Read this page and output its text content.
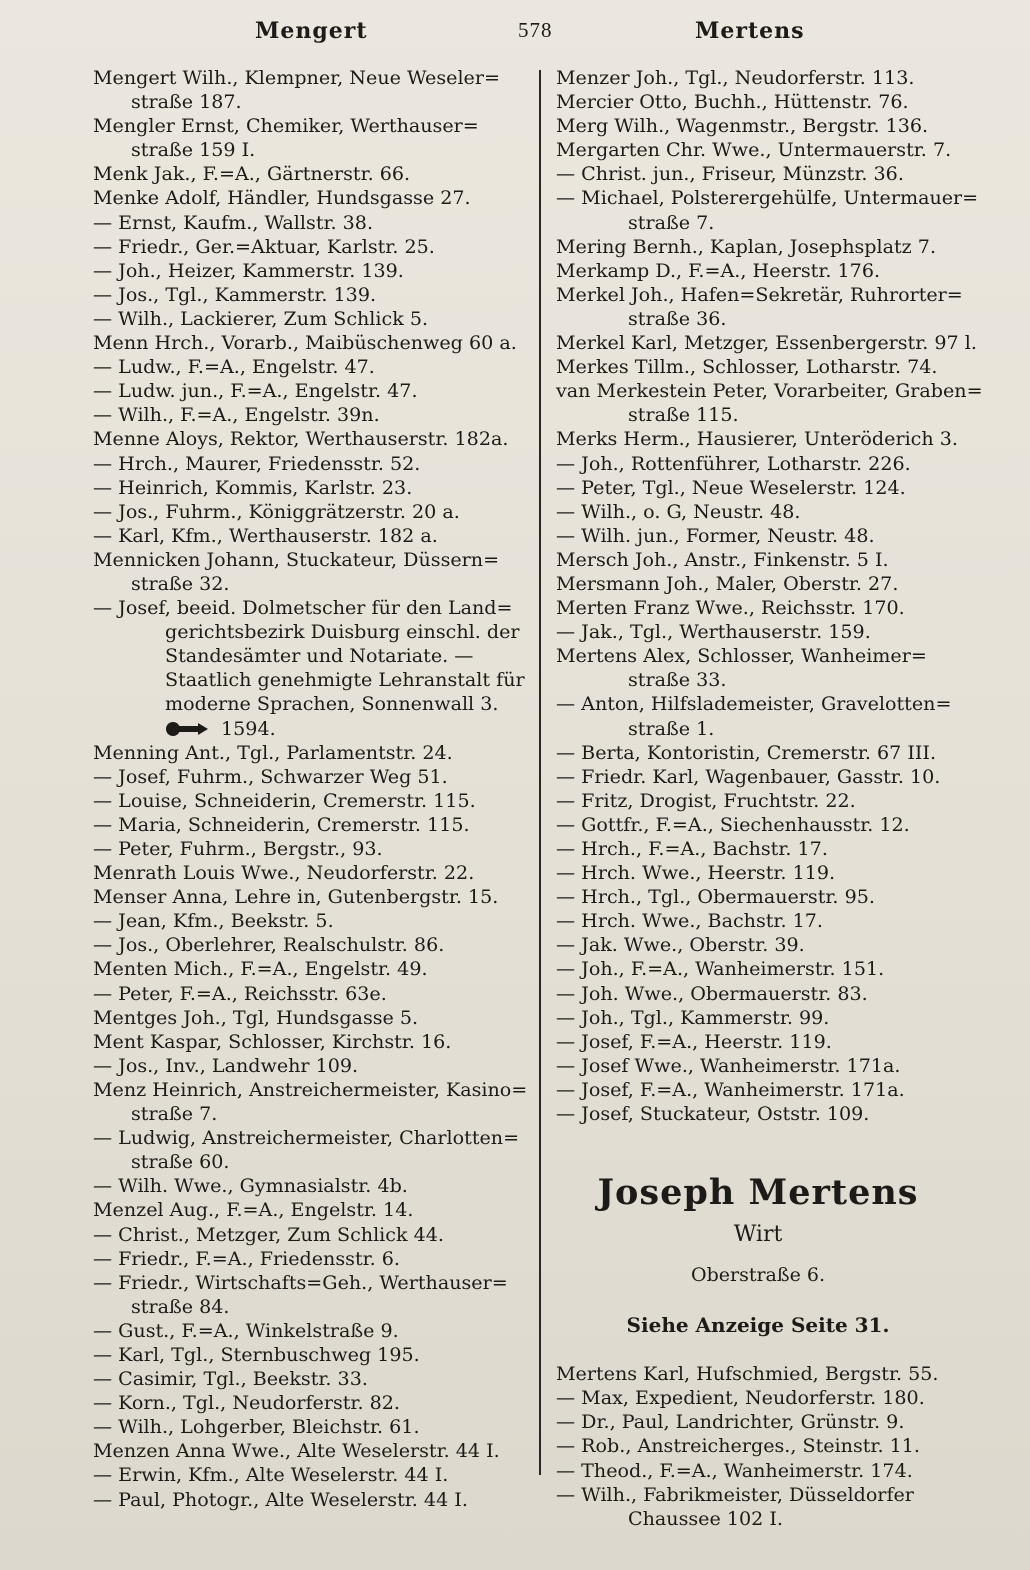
Mengert	578	Mertens
Mengert Wilh., Klempner, Neue Weseler=
straße 187.
Mengler Ernst, Chemiker, Werthauser=
straße 159 I.
Menk Jak., F.=A., Gärtnerstr. 66.
Menke Adolf, Händler, Hundsgasse 27.
— Ernst, Kaufm., Wallstr. 38.
— Friedr., Ger.=Aktuar, Karlstr. 25.
— Joh., Heizer, Kammerstr. 139.
— Jos., Tgl., Kammerstr. 139.
— Wilh., Lackierer, Zum Schlick 5.
Menn Hrch., Vorarb., Maibüschenweg 60 a.
— Ludw., F.=A., Engelstr. 47.
— Ludw. jun., F.=A., Engelstr. 47.
— Wilh., F.=A., Engelstr. 39n.
Menne Aloys, Rektor, Werthauserstr. 182a.
— Hrch., Maurer, Friedensstr. 52.
— Heinrich, Kommis, Karlstr. 23.
— Jos., Fuhrm., Königgrätzerstr. 20 a.
— Karl, Kfm., Werthauserstr. 182 a.
Mennicken Johann, Stuckateur, Düssern=
straße 32.
— Josef, beeid. Dolmetscher für den Land=
gerichtsbezirk Duisburg einschl. der
Standesämter und Notariate. —
Staatlich genehmigte Lehranstalt für
moderne Sprachen, Sonnenwall 3.
1594.
Menning Ant., Tgl., Parlamentstr. 24.
— Josef, Fuhrm., Schwarzer Weg 51.
— Louise, Schneiderin, Cremerstr. 115.
— Maria, Schneiderin, Cremerstr. 115.
— Peter, Fuhrm., Bergstr., 93.
Menrath Louis Wwe., Neudorferstr. 22.
Menser Anna, Lehre in, Gutenbergstr. 15.
— Jean, Kfm., Beekstr. 5.
— Jos., Oberlehrer, Realschulstr. 86.
Menten Mich., F.=A., Engelstr. 49.
— Peter, F.=A., Reichsstr. 63e.
Mentges Joh., Tgl, Hundsgasse 5.
Ment Kaspar, Schlosser, Kirchstr. 16.
— Jos., Inv., Landwehr 109.
Menz Heinrich, Anstreichermeister, Kasino=
straße 7.
— Ludwig, Anstreichermeister, Charlotten=
straße 60.
— Wilh. Wwe., Gymnasialstr. 4b.
Menzel Aug., F.=A., Engelstr. 14.
— Christ., Metzger, Zum Schlick 44.
— Friedr., F.=A., Friedensstr. 6.
— Friedr., Wirtschafts=Geh., Werthauser=
straße 84.
— Gust., F.=A., Winkelstraße 9.
— Karl, Tgl., Sternbuschweg 195.
— Casimir, Tgl., Beekstr. 33.
— Korn., Tgl., Neudorferstr. 82.
— Wilh., Lohgerber, Bleichstr. 61.
Menzen Anna Wwe., Alte Weselerstr. 44 I.
— Erwin, Kfm., Alte Weselerstr. 44 I.
— Paul, Photogr., Alte Weselerstr. 44 I.
Menzer Joh., Tgl., Neudorferstr. 113.
Mercier Otto, Buchh., Hüttenstr. 76.
Merg Wilh., Wagenmstr., Bergstr. 136.
Mergarten Chr. Wwe., Untermauerstr. 7.
— Christ. jun., Friseur, Münzstr. 36.
— Michael, Polsterergehülfe, Untermauer=
straße 7.
Mering Bernh., Kaplan, Josephsplatz 7.
Merkamp D., F.=A., Heerstr. 176.
Merkel Joh., Hafen=Sekretär, Ruhrorter=
straße 36.
Merkel Karl, Metzger, Essenbergerstr. 97 l.
Merkes Tillm., Schlosser, Lotharstr. 74.
van Merkestein Peter, Vorarbeiter, Graben=
straße 115.
Merks Herm., Hausierer, Unteröderich 3.
— Joh., Rottenführer, Lotharstr. 226.
— Peter, Tgl., Neue Weselerstr. 124.
— Wilh., o. G, Neustr. 48.
— Wilh. jun., Former, Neustr. 48.
Mersch Joh., Anstr., Finkenstr. 5 I.
Mersmann Joh., Maler, Oberstr. 27.
Merten Franz Wwe., Reichsstr. 170.
— Jak., Tgl., Werthauserstr. 159.
Mertens Alex, Schlosser, Wanheimer=
straße 33.
— Anton, Hilfslademeister, Gravelotten=
straße 1.
— Berta, Kontoristin, Cremerstr. 67 III.
— Friedr. Karl, Wagenbauer, Gasstr. 10.
— Fritz, Drogist, Fruchtstr. 22.
— Gottfr., F.=A., Siechenhausstr. 12.
— Hrch., F.=A., Bachstr. 17.
— Hrch. Wwe., Heerstr. 119.
— Hrch., Tgl., Obermauerstr. 95.
— Hrch. Wwe., Bachstr. 17.
— Jak. Wwe., Oberstr. 39.
— Joh., F.=A., Wanheimerstr. 151.
— Joh. Wwe., Obermauerstr. 83.
— Joh., Tgl., Kammerstr. 99.
— Josef, F.=A., Heerstr. 119.
— Josef Wwe., Wanheimerstr. 171a.
— Josef, F.=A., Wanheimerstr. 171a.
— Josef, Stuckateur, Oststr. 109.
Joseph Mertens
Wirt
Oberstraße 6.
Siehe Anzeige Seite 31.
Mertens Karl, Hufschmied, Bergstr. 55.
— Max, Expedient, Neudorferstr. 180.
— Dr., Paul, Landrichter, Grünstr. 9.
— Rob., Anstreicherges., Steinstr. 11.
— Theod., F.=A., Wanheimerstr. 174.
— Wilh., Fabrikmeister, Düsseldorfer
Chaussee 102 I.
